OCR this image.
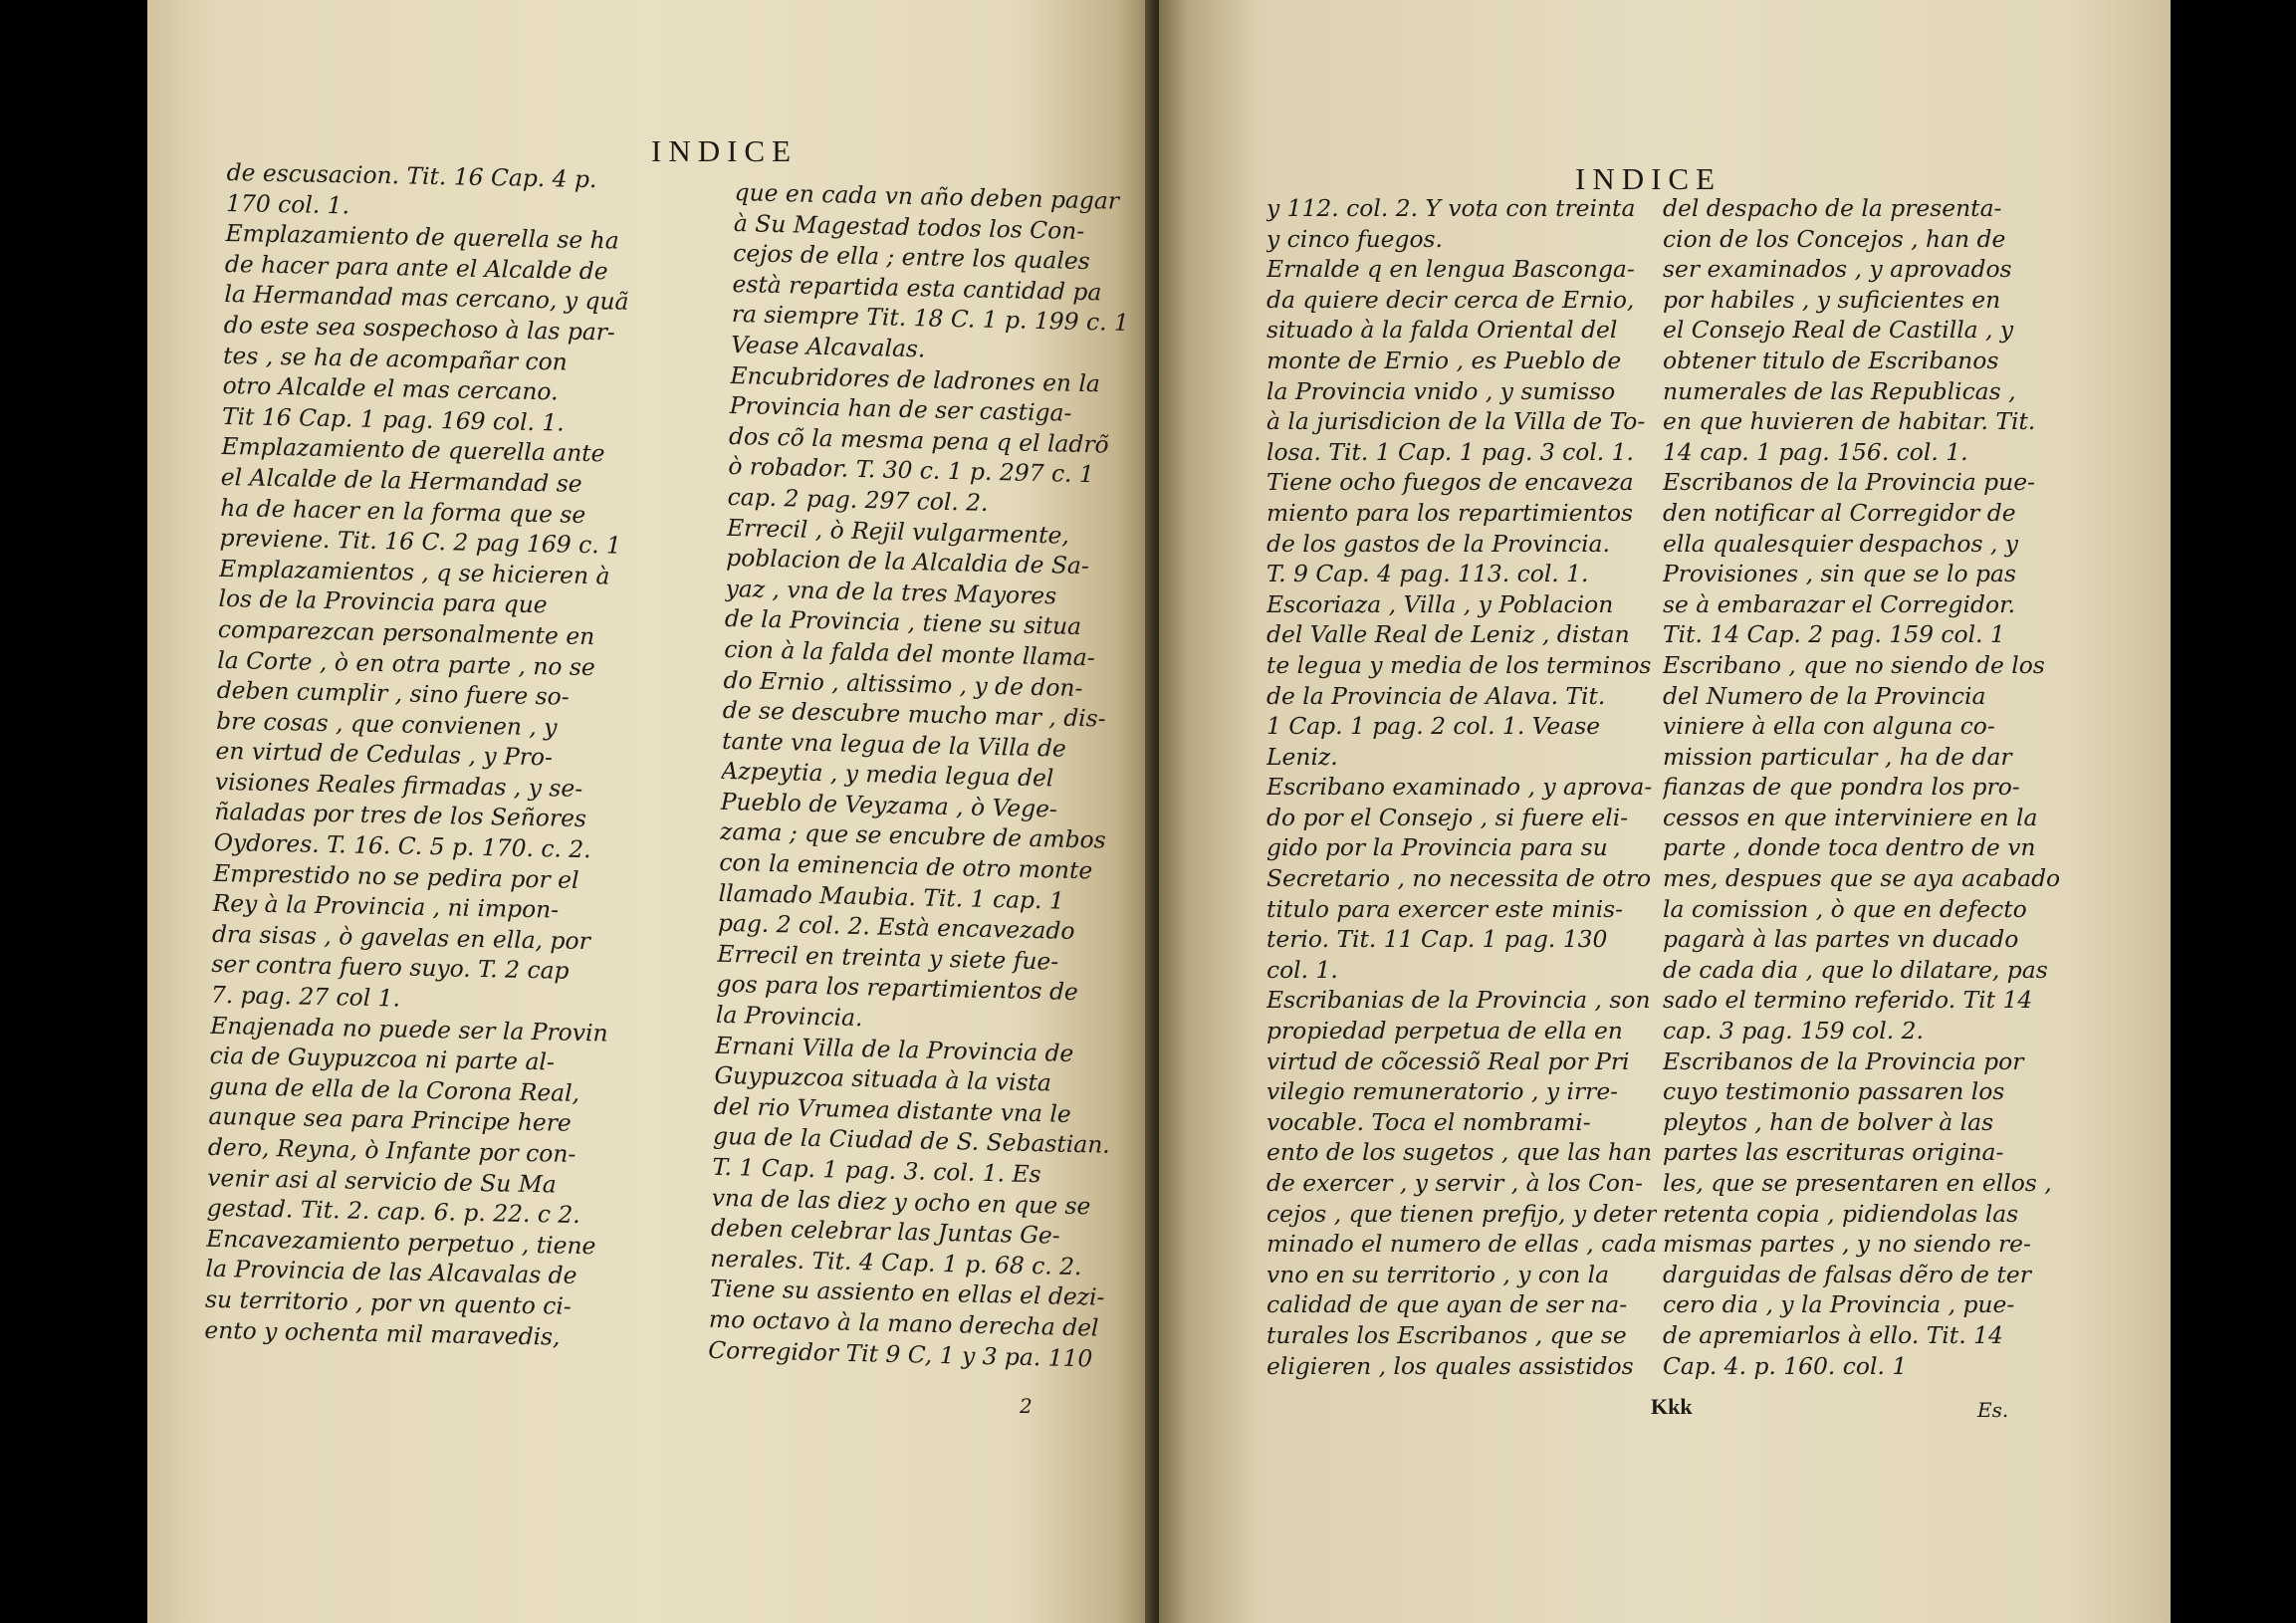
INDICE
de escusacion. Tit. 16 Cap. 4 p.
170 col. 1.
Emplazamiento de querella se ha
de hacer para ante el Alcalde de
la Hermandad mas cercano, y quã
do este sea sospechoso à las par-
tes , se ha de acompañar con
otro Alcalde el mas cercano.
Tit 16 Cap. 1 pag. 169 col. 1.
Emplazamiento de querella ante
el Alcalde de la Hermandad se
ha de hacer en la forma que se
previene. Tit. 16 C. 2 pag 169 c. 1
Emplazamientos , q se hicieren à
los de la Provincia para que
comparezcan personalmente en
la Corte , ò en otra parte , no se
deben cumplir , sino fuere so-
bre cosas , que convienen , y
en virtud de Cedulas , y Pro-
visiones Reales firmadas , y se-
ñaladas por tres de los Señores
Oydores. T. 16. C. 5 p. 170. c. 2.
Emprestido no se pedira por el
Rey à la Provincia , ni impon-
dra sisas , ò gavelas en ella, por
ser contra fuero suyo. T. 2 cap
7. pag. 27 col 1.
Enajenada no puede ser la Provin
cia de Guypuzcoa ni parte al-
guna de ella de la Corona Real,
aunque sea para Principe here
dero, Reyna, ò Infante por con-
venir asi al servicio de Su Ma
gestad. Tit. 2. cap. 6. p. 22. c 2.
Encavezamiento perpetuo , tiene
la Provincia de las Alcavalas de
su territorio , por vn quento ci-
ento y ochenta mil maravedis,
que en cada vn año deben pagar
à Su Magestad todos los Con-
cejos de ella ; entre los quales
està repartida esta cantidad pa
ra siempre Tit. 18 C. 1 p. 199 c. 1
Veasе Alcavalas.
Encubridores de ladrones en la
Provincia han de ser castiga-
dos cõ la mesma pena q el ladrõ
ò robador. T. 30 c. 1 p. 297 c. 1
cap. 2 pag. 297 col. 2.
Errecil , ò Rejil vulgarmente,
poblacion de la Alcaldia de Sa-
yaz , vna de la tres Mayores
de la Provincia , tiene su situa
cion à la falda del monte llama-
do Ernio , altissimo , y de don-
de se descubre mucho mar , dis-
tante vna legua de la Villa de
Azpeytia , y media legua del
Pueblo de Veyzama , ò Vege-
zama ; que se encubre de ambos
con la eminencia de otro monte
llamado Maubia. Tit. 1 cap. 1
pag. 2 col. 2. Està encavezado
Errecil en treinta y siete fue-
gos para los repartimientos de
la Provincia.
Ernani Villa de la Provincia de
Guypuzcoa situada à la vista
del rio Vrumea distante vna le
gua de la Ciudad de S. Sebastian.
T. 1 Cap. 1 pag. 3. col. 1. Es
vna de las diez y ocho en que se
deben celebrar las Juntas Ge-
nerales. Tit. 4 Cap. 1 p. 68 c. 2.
Tiene su assiento en ellas el dezi-
mo octavo à la mano derecha del
Corregidor Tit 9 C, 1 y 3 pa. 110
2
INDICE
y 112. col. 2. Y vota con treinta
y cinco fuegos.
Ernalde q en lengua Bascongа-
da quiere decir cerca de Ernio,
situado à la falda Oriental del
monte de Ernio , es Pueblo de
la Provincia vnido , y sumisso
à la jurisdicion de la Villa de To-
losa. Tit. 1 Cap. 1 pag. 3 col. 1.
Tiene ocho fuegos de encaveza
miento para los repartimientos
de los gastos de la Provincia.
T. 9 Cap. 4 pag. 113. col. 1.
Escoriaza , Villa , y Poblacion
del Valle Real de Leniz , distan
te legua y media de los terminos
de la Provincia de Alava. Tit.
1 Cap. 1 pag. 2 col. 1. Veasе
Leniz.
Escribano examinado , y aprova-
do por el Consejo , si fuere eli-
gido por la Provincia para su
Secretario , no necessita de otro
titulo para exercer este minis-
terio. Tit. 11 Cap. 1 pag. 130
col. 1.
Escribanias de la Provincia , son
propiedad perpetua de ella en
virtud de cõcessiõ Real por Pri
vilegio remuneratorio , y irre-
vocable. Toca el nombrami-
ento de los sugetos , que las han
de exercer , y servir , à los Con-
cejos , que tienen prefijo, y deter
minado el numero de ellas , cada
vno en su territorio , y con la
calidad de que ayan de ser na-
turales los Escribanos , que se
eligieren , los quales assistidos
del despacho de la presenta-
cion de los Concejos , han de
ser examinados , y aprovados
por habiles , y suficientes en
el Consejo Real de Castilla , y
obtener titulo de Escribanos
numerales de las Republicas ,
en que huvieren de habitar. Tit.
14 cap. 1 pag. 156. col. 1.
Escribanos de la Provincia pue-
den notificar al Corregidor de
ella qualesquier despachos , y
Provisiones , sin que se lo pas
se à embarazar el Corregidor.
Tit. 14 Cap. 2 pag. 159 col. 1
Escribano , que no siendo de los
del Numero de la Provincia
viniere à ella con alguna co-
mission particular , ha de dar
fianzas de que pondra los pro-
cessos en que interviniere en la
parte , donde toca dentro de vn
mes, despues que se aya acabado
la comission , ò que en defecto
pagarà à las partes vn ducado
de cada dia , que lo dilatare, pas
sado el termino referido. Tit 14
cap. 3 pag. 159 col. 2.
Escribanos de la Provincia por
cuyo testimonio passaren los
pleytos , han de bolver à las
partes las escrituras origina-
les, que se presentaren en ellos ,
retenta copia , pidiendolas las
mismas partes , y no siendo re-
darguidas de falsas dẽro de ter
cero dia , y la Provincia , pue-
de apremiarlos à ello. Tit. 14
Cap. 4. p. 160. col. 1
Kkk	Es.
